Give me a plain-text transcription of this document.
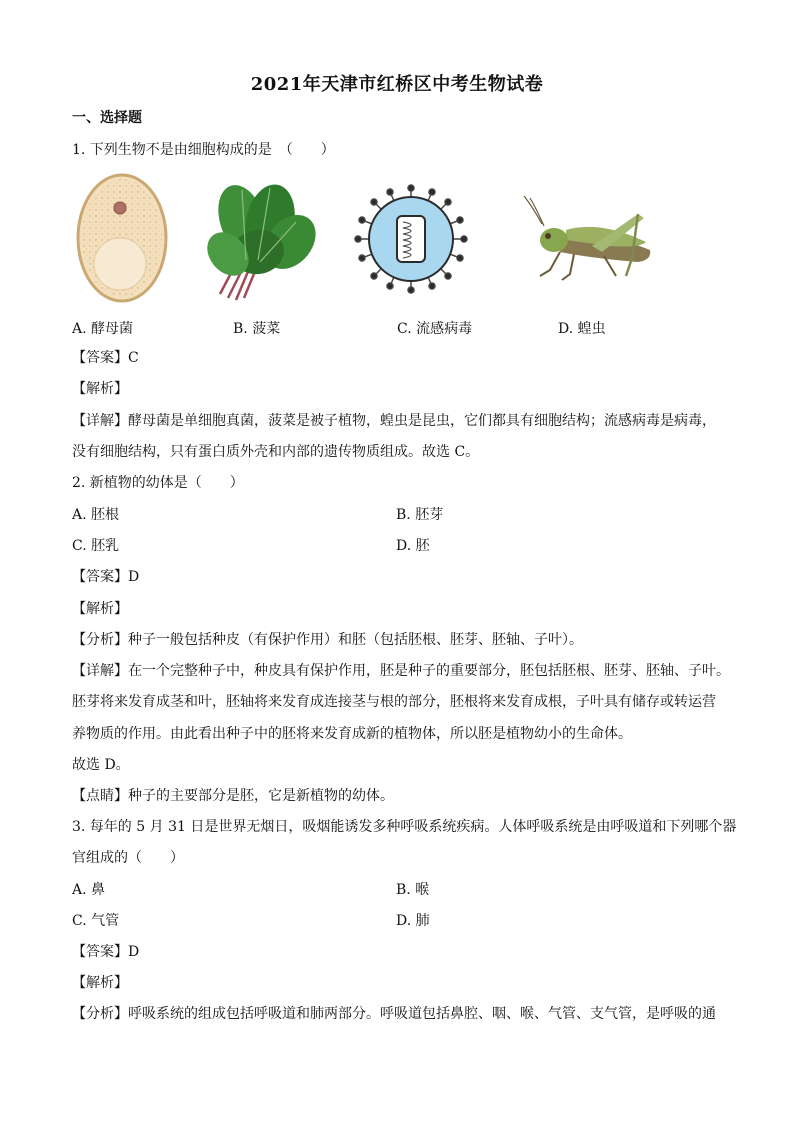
2021年天津市红桥区中考生物试卷
一、选择题
1. 下列生物不是由细胞构成的是　（　　）
A. 酵母菌	B. 菠菜	C. 流感病毒	D. 蝗虫
【答案】C
【解析】
【详解】酵母菌是单细胞真菌，菠菜是被子植物，蝗虫是昆虫，它们都具有细胞结构；流感病毒是病毒，
没有细胞结构，只有蛋白质外壳和内部的遗传物质组成。故选 C。
2. 新植物的幼体是（　　）
A. 胚根	B. 胚芽
C. 胚乳	D. 胚
【答案】D
【解析】
【分析】种子一般包括种皮（有保护作用）和胚（包括胚根、胚芽、胚轴、子叶）。
【详解】在一个完整种子中，种皮具有保护作用，胚是种子的重要部分，胚包括胚根、胚芽、胚轴、子叶。
胚芽将来发育成茎和叶，胚轴将来发育成连接茎与根的部分，胚根将来发育成根，子叶具有储存或转运营
养物质的作用。由此看出种子中的胚将来发育成新的植物体，所以胚是植物幼小的生命体。
故选 D。
【点睛】种子的主要部分是胚，它是新植物的幼体。
3. 每年的 5 月 31 日是世界无烟日，吸烟能诱发多种呼吸系统疾病。人体呼吸系统是由呼吸道和下列哪个器
官组成的（　　）
A. 鼻	B. 喉
C. 气管	D. 肺
【答案】D
【解析】
【分析】呼吸系统的组成包括呼吸道和肺两部分。呼吸道包括鼻腔、咽、喉、气管、支气管，是呼吸的通
